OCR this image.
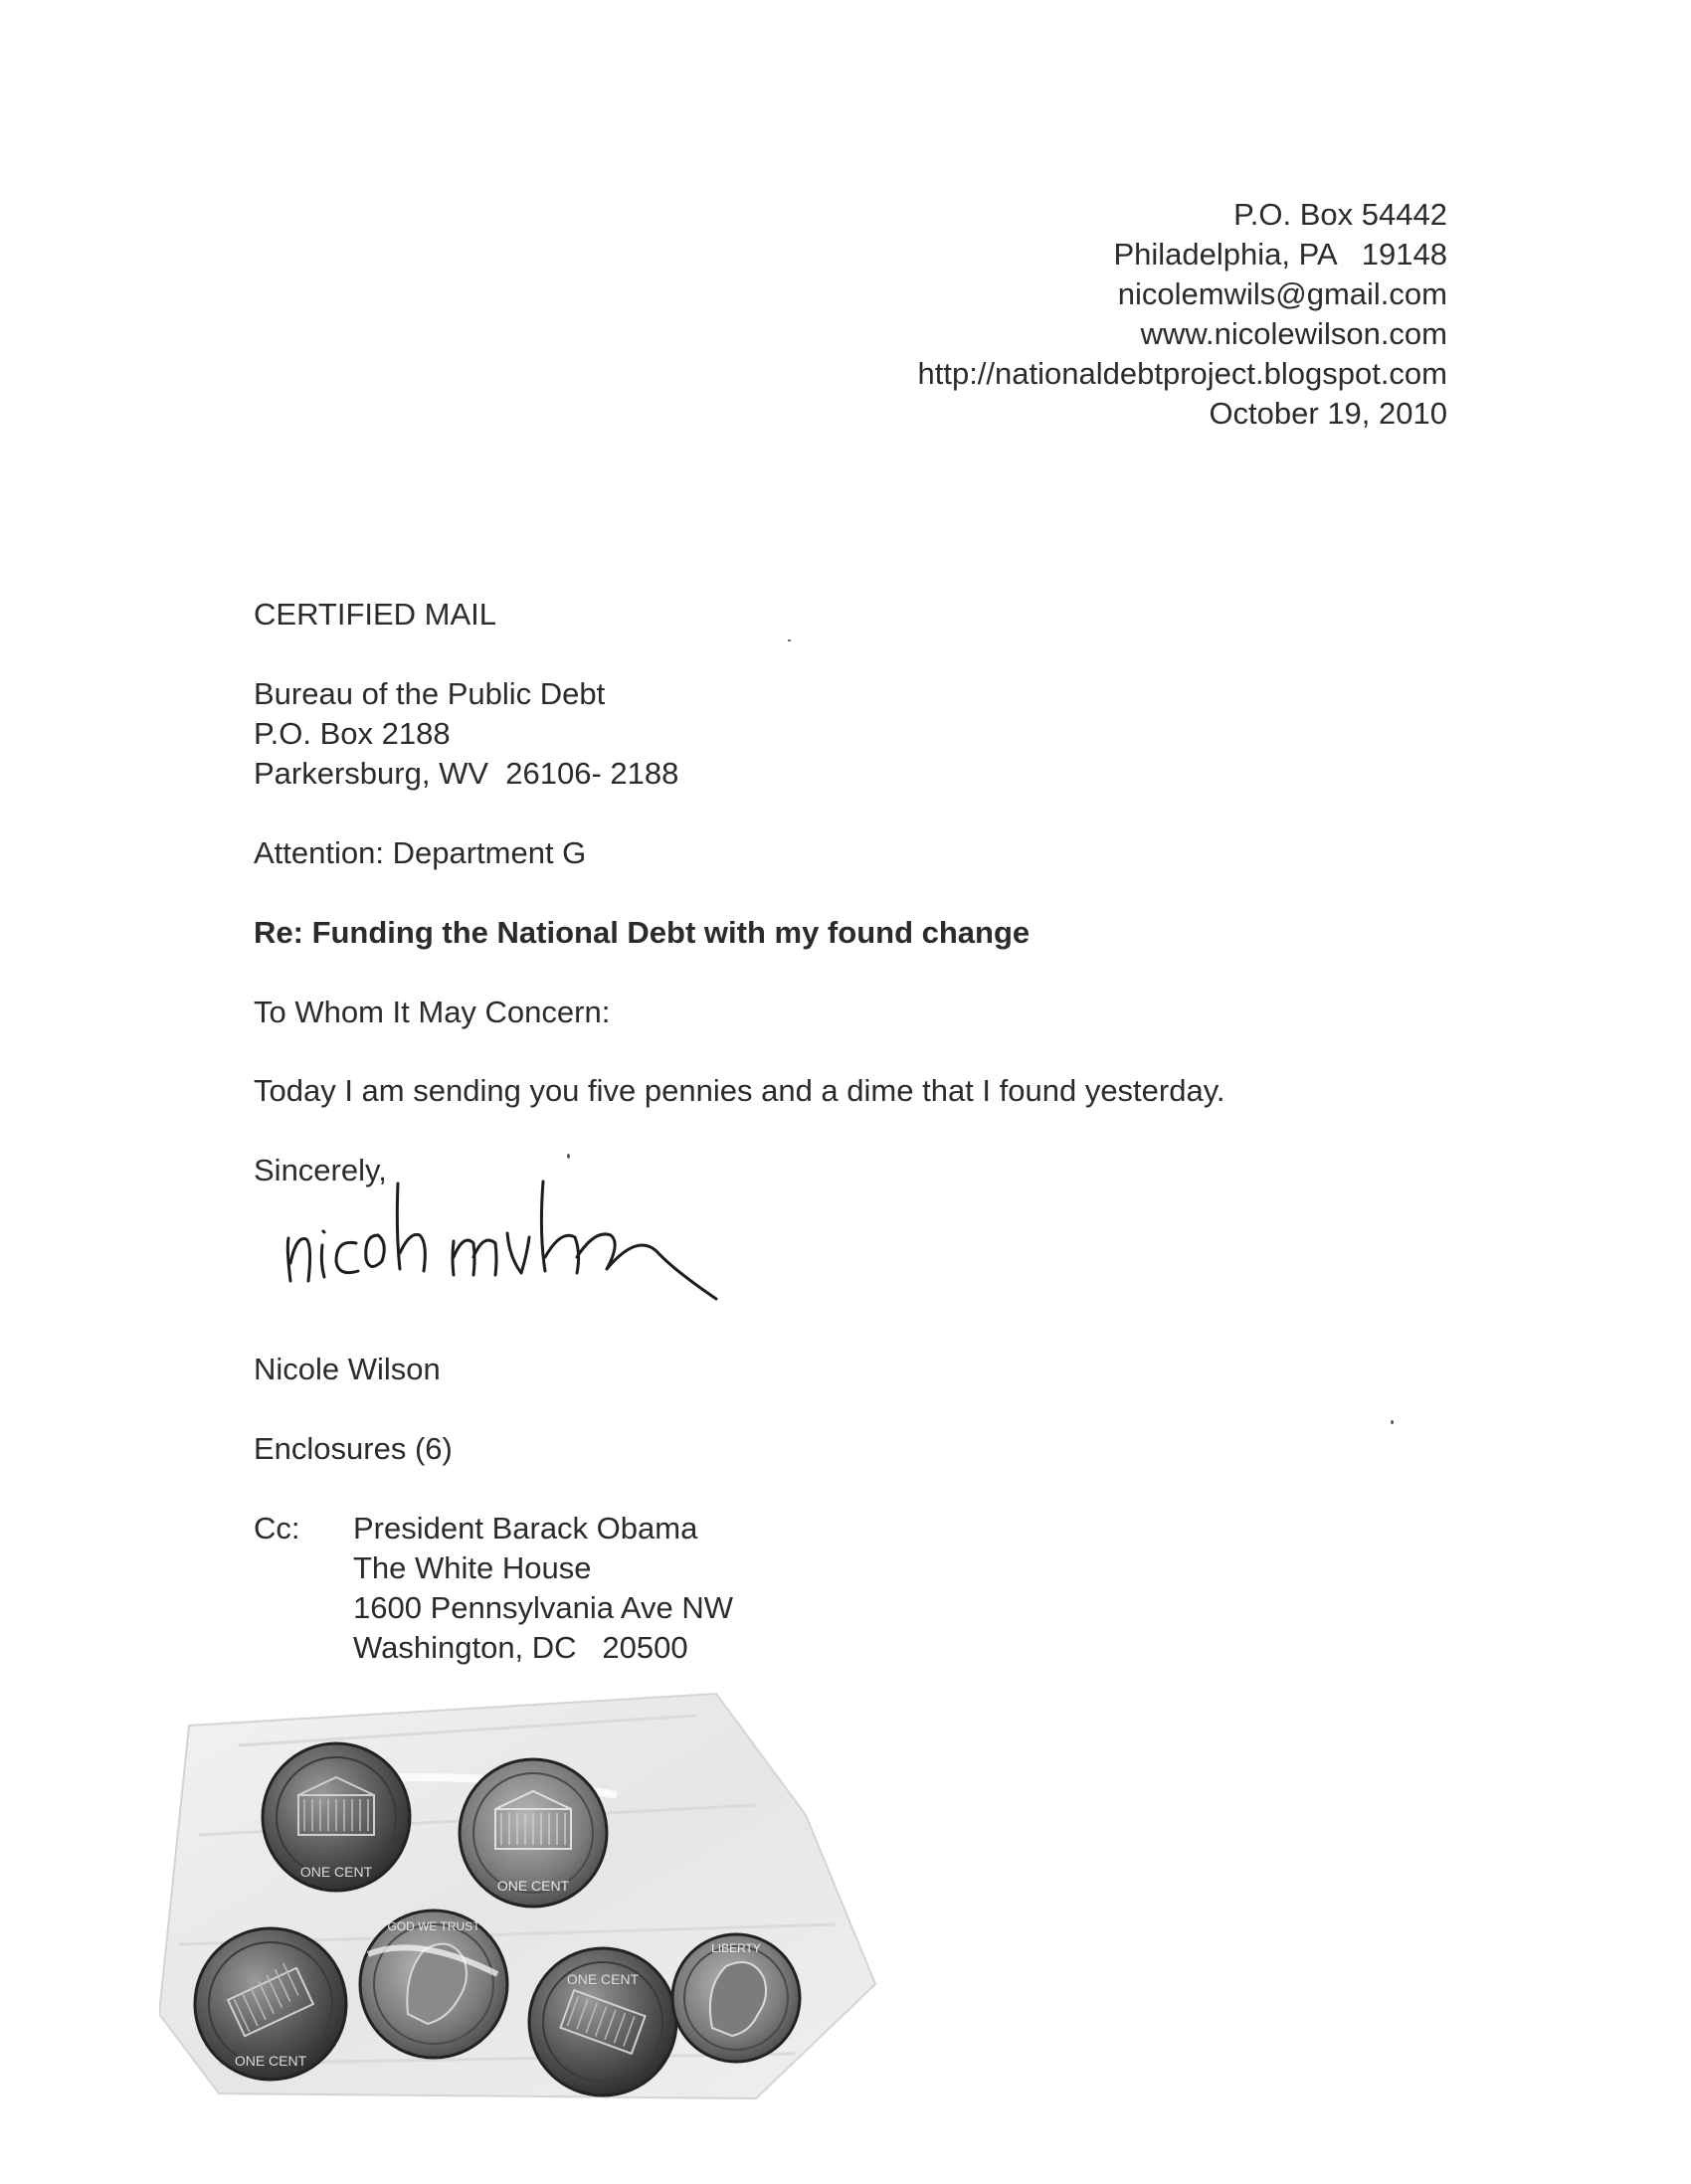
P.O. Box 54442
Philadelphia, PA   19148
nicolemwils@gmail.com
www.nicolewilson.com
http://nationaldebtproject.blogspot.com
October 19, 2010
CERTIFIED MAIL
Bureau of the Public Debt
P.O. Box 2188
Parkersburg, WV  26106- 2188
Attention: Department G
Re: Funding the National Debt with my found change
To Whom It May Concern:
Today I am sending you five pennies and a dime that I found yesterday.
Sincerely,
Nicole Wilson
Enclosures (6)
Cc:	President Barack Obama
The White House
1600 Pennsylvania Ave NW
Washington, DC   20500
ONE CENT
ONE CENT
ONE CENT
GOD WE TRUST
ONE CENT
LIBERTY
